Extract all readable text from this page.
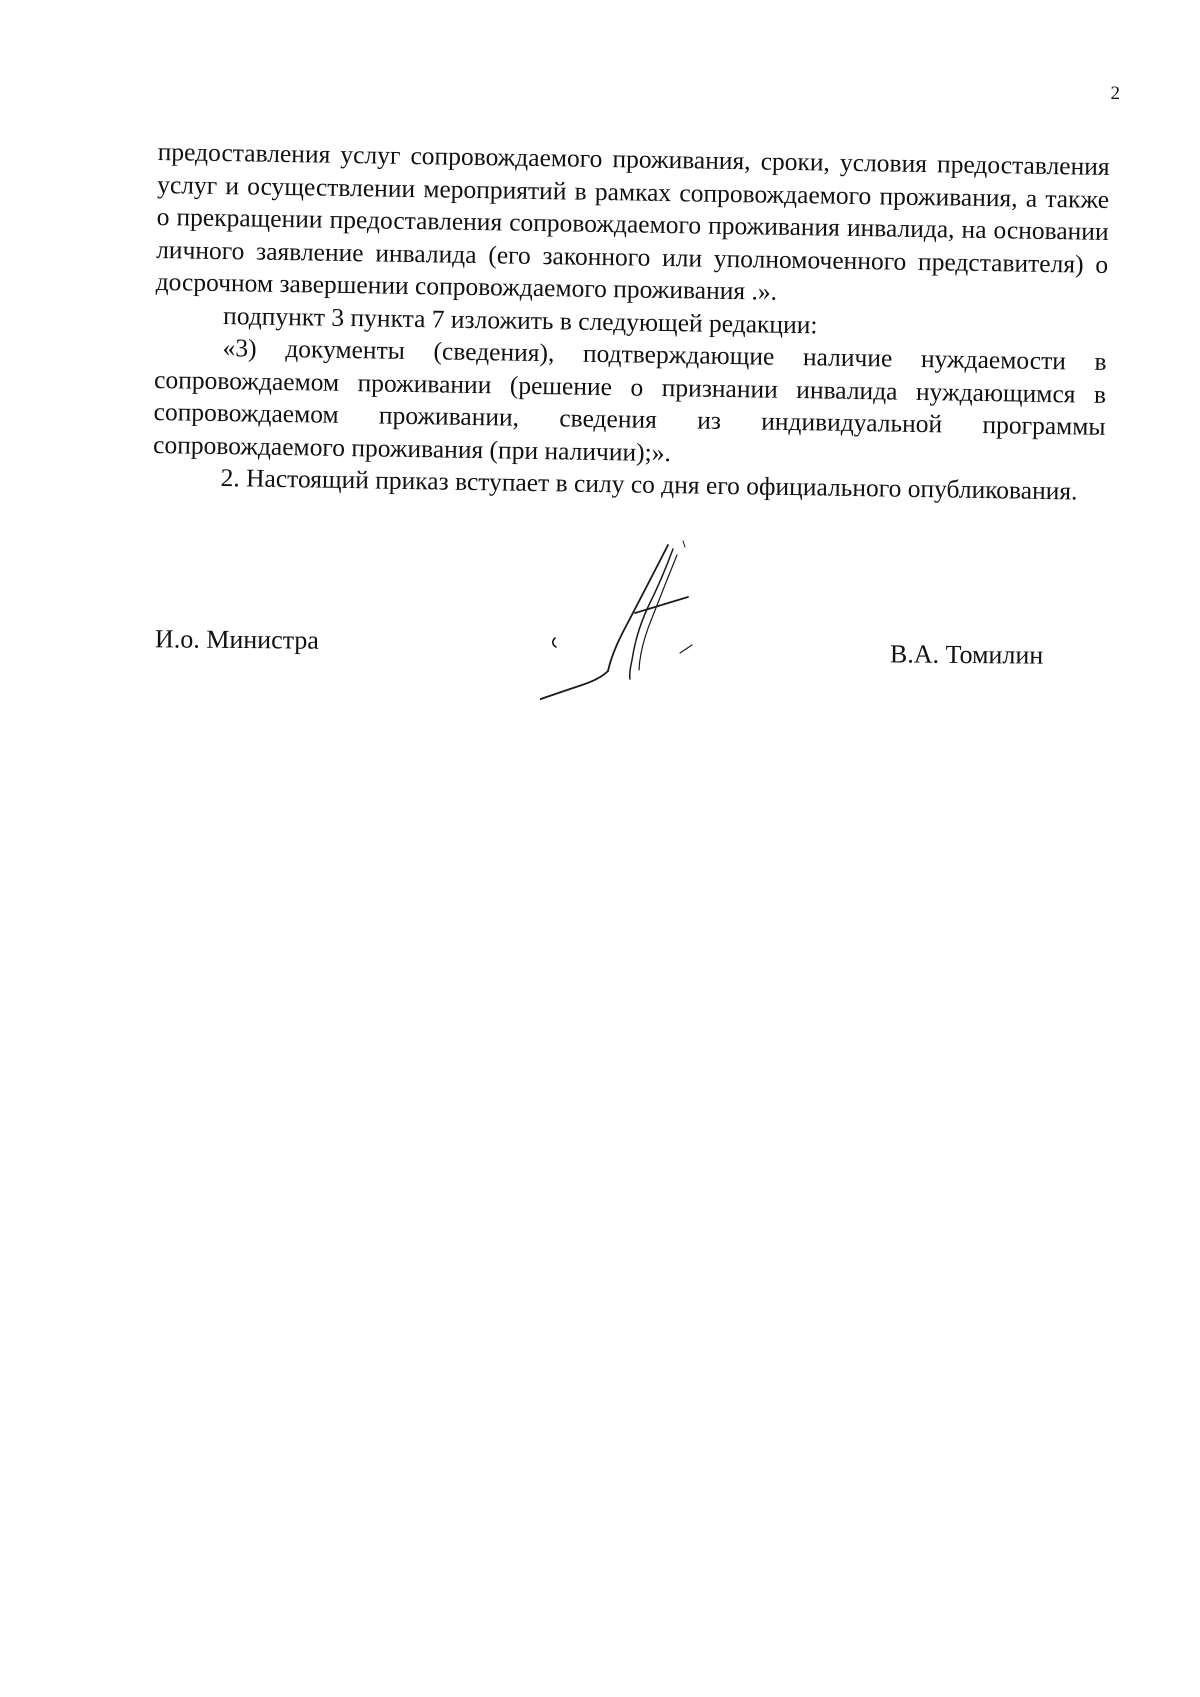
2

предоставления услуг сопровождаемого проживания, сроки, условия предоставления услуг и осуществлении мероприятий в рамках сопровождаемого проживания, а также о прекращении предоставления сопровождаемого проживания инвалида, на основании личного заявление инвалида (его законного или уполномоченного представителя) о досрочном завершении сопровождаемого проживания .».

подпункт 3 пункта 7 изложить в следующей редакции:

«3) документы (сведения), подтверждающие наличие нуждаемости в сопровождаемом проживании (решение о признании инвалида нуждающимся в сопровождаемом проживании, сведения из индивидуальной программы сопровождаемого проживания (при наличии);».

2. Настоящий приказ вступает в силу со дня его официального опубликования.

И.о. Министра	В.А. Томилин
